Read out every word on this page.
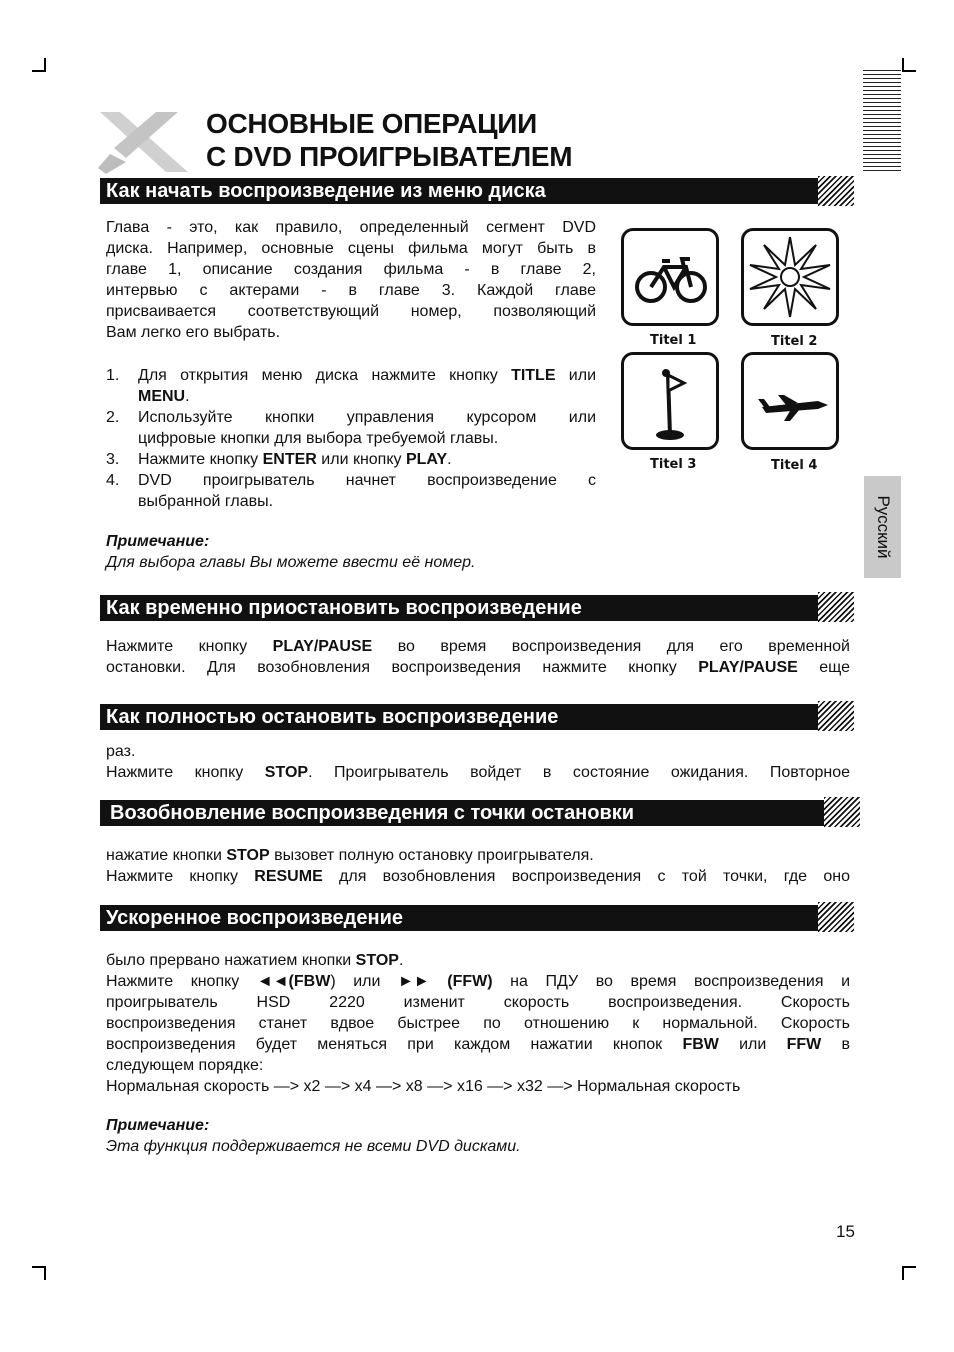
ОСНОВНЫЕ ОПЕРАЦИИ
С DVD ПРОИГРЫВАТЕЛЕМ
Как начать воспроизведение из меню диска
Глава - это, как правило, определенный сегмент DVD
диска. Например, основные сцены фильма могут быть в
главе 1, описание создания фильма - в главе 2,
интервью с актерами - в главе 3. Каждой главе
присваивается соответствующий номер, позволяющий
Вам легко его выбрать.
1. Для открытия меню диска нажмите кнопку TITLE или
MENU.
2. Используйте кнопки управления курсором или
цифровые кнопки для выбора требуемой главы.
3. Нажмите кнопку ENTER или кнопку PLAY.
4. DVD проигрыватель начнет воспроизведение с
выбранной главы.
Примечание:
Для выбора главы Вы можете ввести её номер.
Titel 1	Titel 2
Titel 3	Titel 4
Русский
Как временно приостановить воспроизведение
Нажмите кнопку PLAY/PAUSE во время воспроизведения для его временной
остановки. Для возобновления воспроизведения нажмите кнопку PLAY/PAUSE еще
Как полностью остановить воспроизведение
раз.
Нажмите кнопку STOP. Проигрыватель войдет в состояние ожидания. Повторное
Возобновление воспроизведения с точки остановки
нажатие кнопки STOP вызовет полную остановку проигрывателя.
Нажмите кнопку RESUME для возобновления воспроизведения с той точки, где оно
Ускоренное воспроизведение
было прервано нажатием кнопки STOP.
Нажмите кнопку ◄◄(FBW) или ►► (FFW) на ПДУ во время воспроизведения и
проигрыватель HSD 2220 изменит скорость воспроизведения. Скорость
воспроизведения станет вдвое быстрее по отношению к нормальной. Скорость
воспроизведения будет меняться при каждом нажатии кнопок FBW или FFW в
следующем порядке:
Нормальная скорость —> x2 —> x4 —> x8 —> x16 —> x32 —> Нормальная скорость
Примечание:
Эта функция поддерживается не всеми DVD дисками.
15
